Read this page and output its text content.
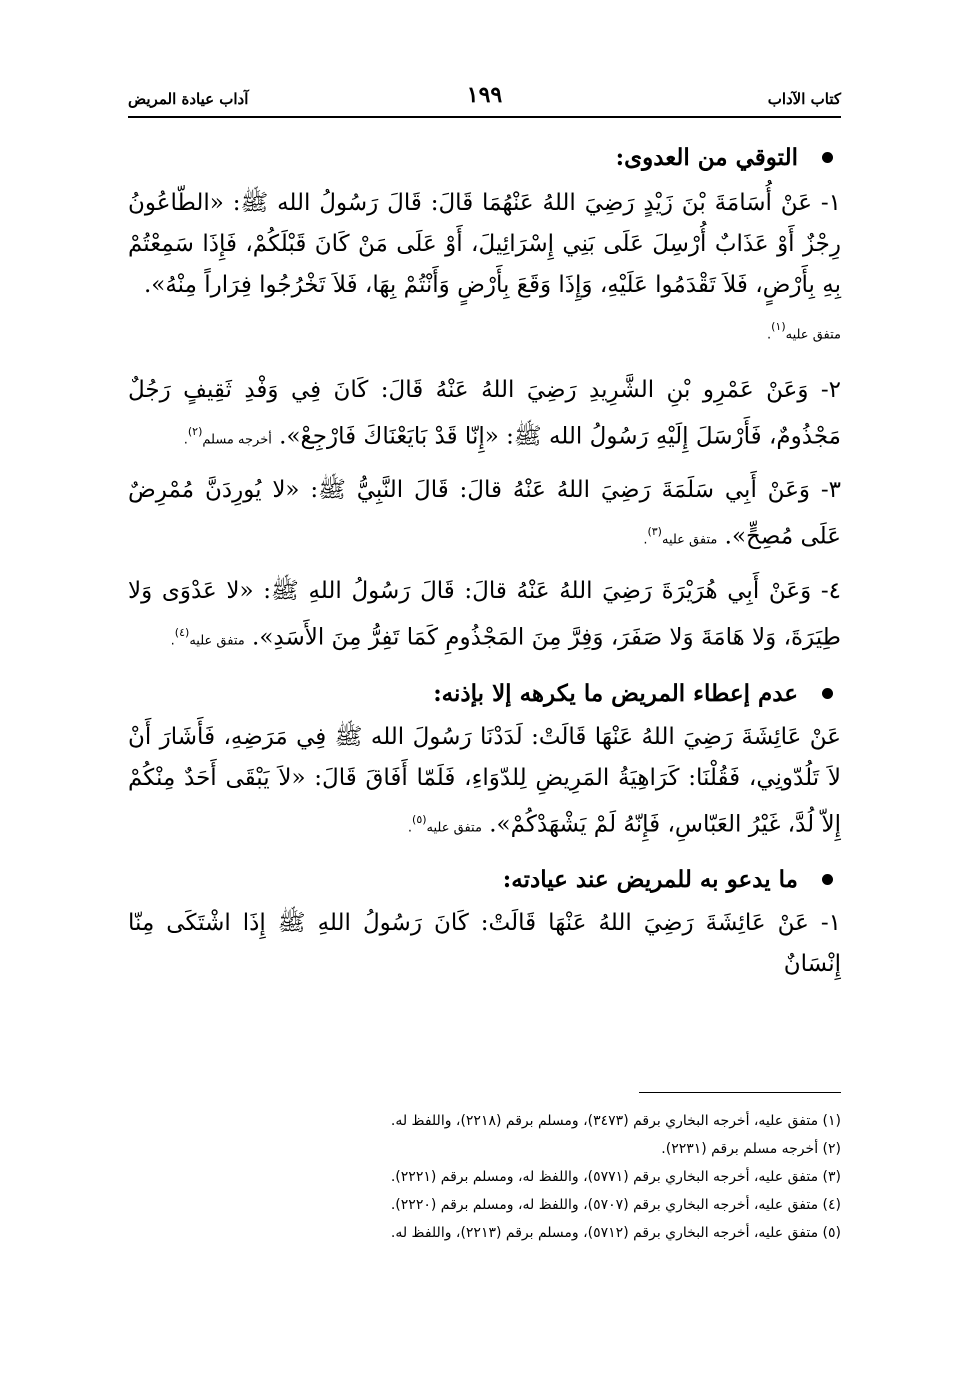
كتاب الآداب
١٩٩
آداب عيادة المريض
التوقي من العدوى:
١- عَنْ أُسَامَةَ بْنَ زَيْدٍ رَضِيَ اللهُ عَنْهُمَا قَالَ: قَالَ رَسُولُ الله ﷺ: «الطّاعُونُ رِجْزٌ أَوْ عَذَابٌ أُرْسِلَ عَلَى بَنِي إِسْرَائِيلَ، أَوْ عَلَى مَنْ كَانَ قَبْلَكُمْ، فَإِذَا سَمِعْتُمْ بِهِ بِأَرْضٍ، فَلاَ تَقْدَمُوا عَلَيْهِ، وَإِذَا وَقَعَ بِأَرْضٍ وَأَنْتُمْ بِهَا، فَلاَ تَخْرُجُوا فِرَاراً مِنْهُ».
متفق عليه$^{(١)}$.
٢- وَعَنْ عَمْرِو بْنِ الشَّرِيدِ رَضِيَ اللهُ عَنْهُ قَالَ: كَانَ فِي وَفْدِ ثَقِيفٍ رَجُلٌ مَجْذُومٌ، فَأَرْسَلَ إِلَيْهِ رَسُولُ الله ﷺ: «إِنّا قَدْ بَايَعْنَاكَ فَارْجِعْ». أخرجه مسلم$^{(٢)}$.
٣- وَعَنْ أَبِي سَلَمَةَ رَضِيَ اللهُ عَنْهُ قالَ: قَالَ النَّبِيُّ ﷺ: «لا يُورِدَنَّ مُمْرِضٌ عَلَى مُصِحٍّ». متفق عليه$^{(٣)}$.
٤- وَعَنْ أَبِي هُرَيْرَةَ رَضِيَ اللهُ عَنْهُ قالَ: قَالَ رَسُولُ اللهِ ﷺ: «لا عَدْوَى وَلا طِيَرَةَ، وَلا هَامَةَ وَلا صَفَرَ، وَفِرَّ مِنَ المَجْذُومِ كَمَا تَفِرُّ مِنَ الأَسَدِ». متفق عليه$^{(٤)}$.
عدم إعطاء المريض ما يكرهه إلا بإذنه:
عَنْ عَائِشَةَ رَضِيَ اللهُ عَنْهَا قَالَتْ: لَدَدْنَا رَسُولَ الله ﷺ فِي مَرَضِهِ، فَأَشَارَ أَنْ لاَ تَلُدّونِي، فَقُلْنَا: كَرَاهِيَةُ المَرِيضِ لِلدّوَاءِ، فَلَمّا أَفَاقَ قَالَ: «لاَ يَبْقَى أَحَدٌ مِنْكُمْ إِلاّ لُدَّ، غَيْرُ العَبّاسِ، فَإِنّهُ لَمْ يَشْهَدْكُمْ». متفق عليه$^{(٥)}$.
ما يدعو به للمريض عند عيادته:
١- عَنْ عَائِشَةَ رَضِيَ اللهُ عَنْهَا قَالَتْ: كَانَ رَسُولُ اللهِ ﷺ إِذَا اشْتَكَى مِنّا إِنْسَانٌ
(١) متفق عليه، أخرجه البخاري برقم (٣٤٧٣)، ومسلم برقم (٢٢١٨)، واللفظ له.
(٢) أخرجه مسلم برقم (٢٢٣١).
(٣) متفق عليه، أخرجه البخاري برقم (٥٧٧١)، واللفظ له، ومسلم برقم (٢٢٢١).
(٤) متفق عليه، أخرجه البخاري برقم (٥٧٠٧)، واللفظ له، ومسلم برقم (٢٢٢٠).
(٥) متفق عليه، أخرجه البخاري برقم (٥٧١٢)، ومسلم برقم (٢٢١٣)، واللفظ له.
